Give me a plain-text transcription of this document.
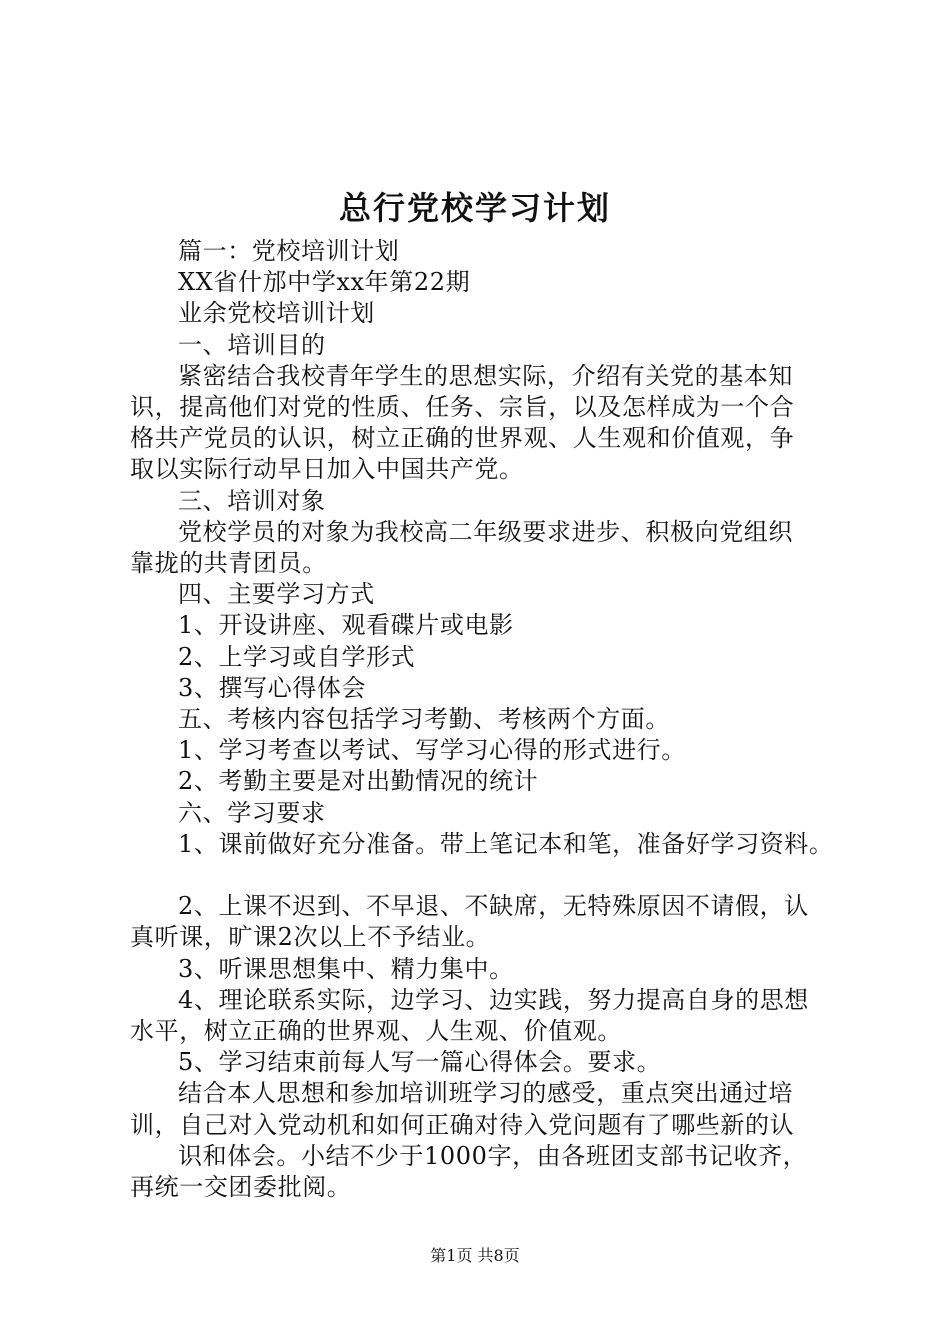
总行党校学习计划
篇一：党校培训计划
XX省什邡中学xx年第22期
业余党校培训计划
一、培训目的
紧密结合我校青年学生的思想实际，介绍有关党的基本知
识，提高他们对党的性质、任务、宗旨，以及怎样成为一个合
格共产党员的认识，树立正确的世界观、人生观和价值观，争
取以实际行动早日加入中国共产党。
三、培训对象
党校学员的对象为我校高二年级要求进步、积极向党组织
靠拢的共青团员。
四、主要学习方式
1、开设讲座、观看碟片或电影
2、上学习或自学形式
3、撰写心得体会
五、考核内容包括学习考勤、考核两个方面。
1、学习考查以考试、写学习心得的形式进行。
2、考勤主要是对出勤情况的统计
六、学习要求
1、课前做好充分准备。带上笔记本和笔，准备好学习资料。
2、上课不迟到、不早退、不缺席，无特殊原因不请假，认
真听课，旷课2次以上不予结业。
3、听课思想集中、精力集中。
4、理论联系实际，边学习、边实践，努力提高自身的思想
水平，树立正确的世界观、人生观、价值观。
5、学习结束前每人写一篇心得体会。要求。
结合本人思想和参加培训班学习的感受，重点突出通过培
训，自己对入党动机和如何正确对待入党问题有了哪些新的认
识和体会。小结不少于1000字，由各班团支部书记收齐，
再统一交团委批阅。
第1页 共8页
